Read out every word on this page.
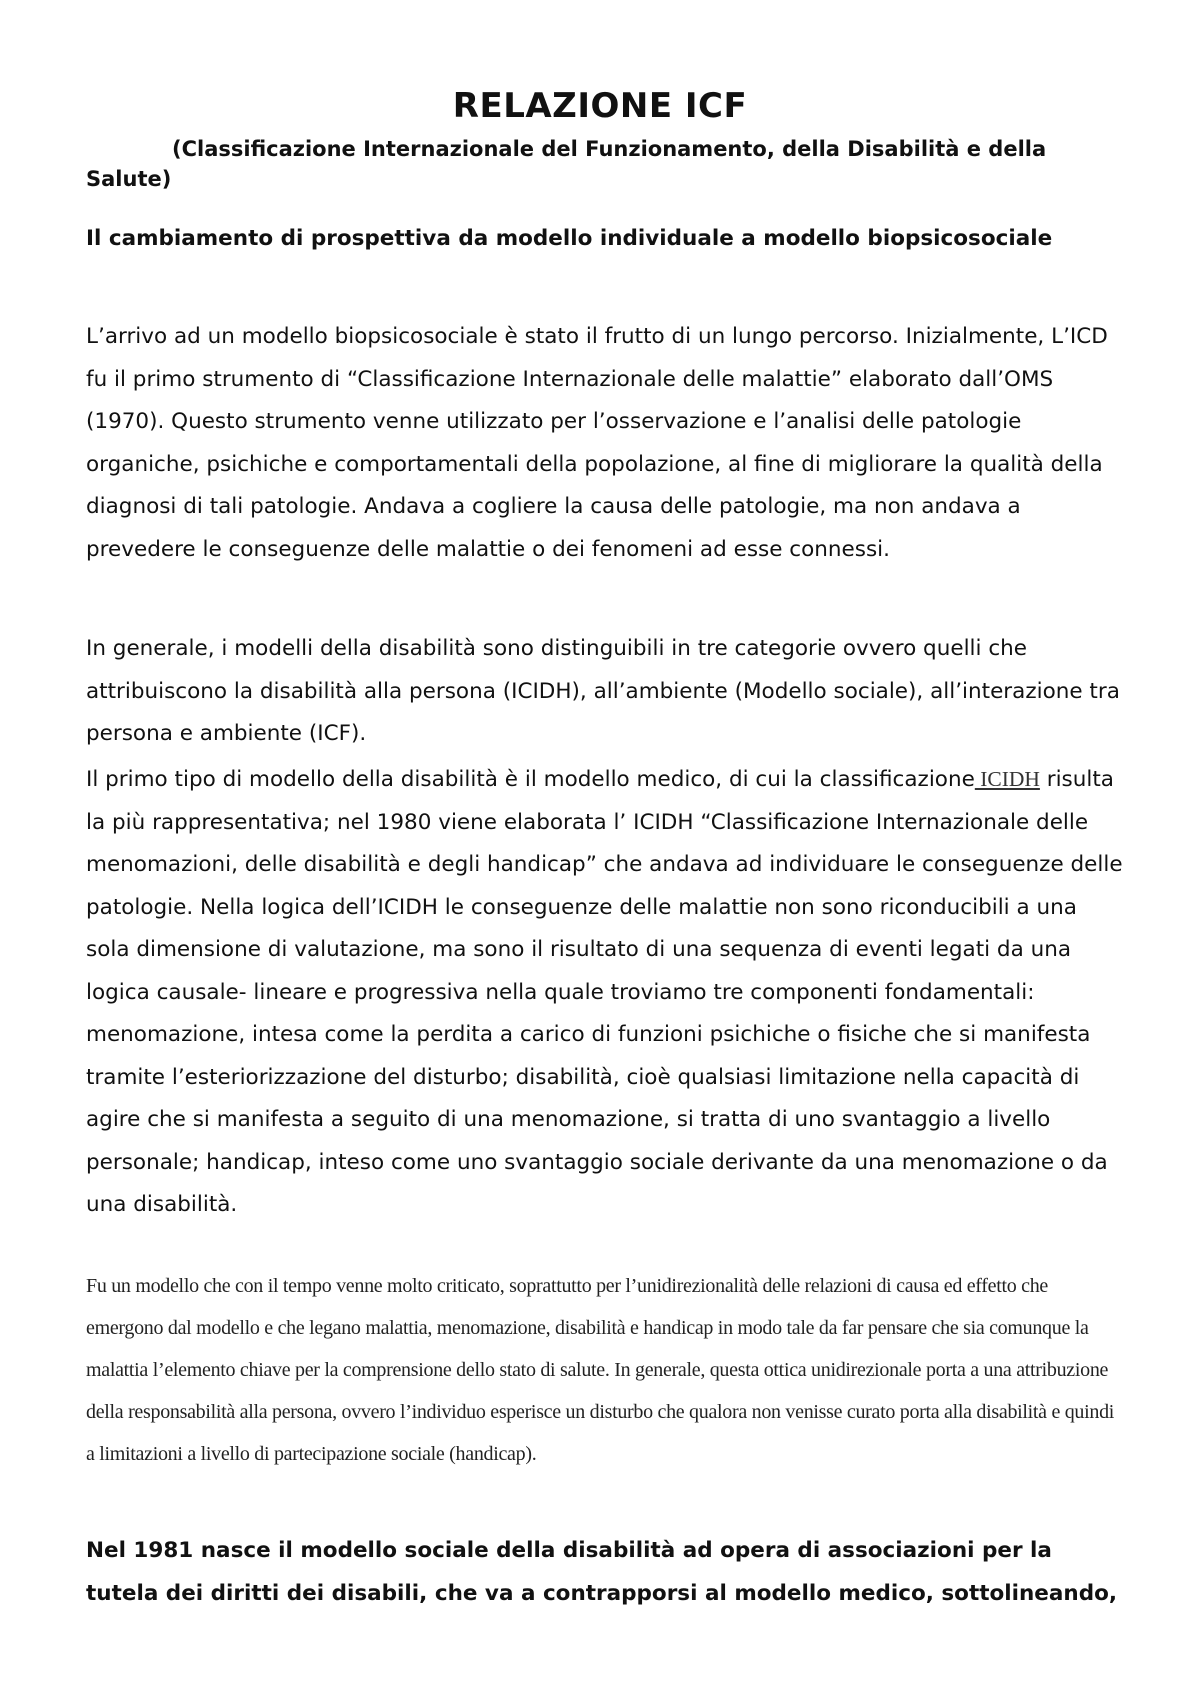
RELAZIONE ICF
(Classificazione Internazionale del Funzionamento, della Disabilità e della Salute)
Il cambiamento di prospettiva da modello individuale a modello biopsicosociale
L’arrivo ad un modello biopsicosociale è stato il frutto di un lungo percorso. Inizialmente, L’ICD fu il primo strumento di “Classificazione Internazionale delle malattie” elaborato dall’OMS (1970). Questo strumento venne utilizzato per l’osservazione e l’analisi delle patologie organiche, psichiche e comportamentali della popolazione, al fine di migliorare la qualità della diagnosi di tali patologie. Andava a cogliere la causa delle patologie, ma non andava a prevedere le conseguenze delle malattie o dei fenomeni ad esse connessi.
In generale, i modelli della disabilità sono distinguibili in tre categorie ovvero quelli che attribuiscono la disabilità alla persona (ICIDH), all’ambiente (Modello sociale), all’interazione tra persona e ambiente (ICF).
Il primo tipo di modello della disabilità è il modello medico, di cui la classificazione ICIDH risulta la più rappresentativa; nel 1980 viene elaborata l’ ICIDH “Classificazione Internazionale delle menomazioni, delle disabilità e degli handicap” che andava ad individuare le conseguenze delle patologie. Nella logica dell’ICIDH le conseguenze delle malattie non sono riconducibili a una sola dimensione di valutazione, ma sono il risultato di una sequenza di eventi legati da una logica causale- lineare e progressiva nella quale troviamo tre componenti fondamentali: menomazione, intesa come la perdita a carico di funzioni psichiche o fisiche che si manifesta tramite l’esteriorizzazione del disturbo; disabilità, cioè qualsiasi limitazione nella capacità di agire che si manifesta a seguito di una menomazione, si tratta di uno svantaggio a livello personale; handicap, inteso come uno svantaggio sociale derivante da una menomazione o da una disabilità.
Fu un modello che con il tempo venne molto criticato, soprattutto per l’unidirezionalità delle relazioni di causa ed effetto che emergono dal modello e che legano malattia, menomazione, disabilità e handicap in modo tale da far pensare che sia comunque la malattia l’elemento chiave per la comprensione dello stato di salute. In generale, questa ottica unidirezionale porta a una attribuzione della responsabilità alla persona, ovvero l’individuo esperisce un disturbo che qualora non venisse curato porta alla disabilità e quindi a limitazioni a livello di partecipazione sociale (handicap).
Nel 1981 nasce il modello sociale della disabilità ad opera di associazioni per la tutela dei diritti dei disabili, che va a contrapporsi al modello medico, sottolineando,
